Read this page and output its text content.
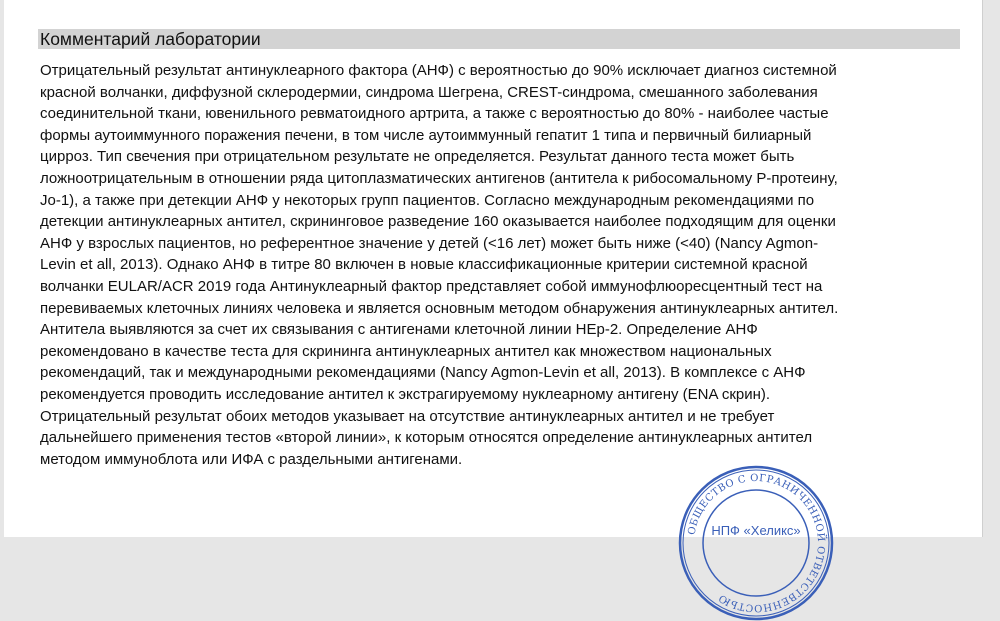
Комментарий лаборатории
Отрицательный результат антинуклеарного фактора (АНФ) с вероятностью до 90% исключает диагноз системной
красной волчанки, диффузной склеродермии, синдрома Шегрена, CREST-синдрома, смешанного заболевания
соединительной ткани, ювенильного ревматоидного артрита, а также с вероятностью до 80% - наиболее частые
формы аутоиммунного поражения печени, в том числе аутоиммунный гепатит 1 типа и первичный билиарный
цирроз. Тип свечения при отрицательном результате не определяется. Результат данного теста может быть
ложноотрицательным в отношении ряда цитоплазматических антигенов (антитела к рибосомальному Р-протеину,
Jo-1), а также при детекции АНФ у некоторых групп пациентов. Согласно международным рекомендациями по
детекции антинуклеарных антител, скрининговое разведение 160 оказывается наиболее подходящим для оценки
АНФ у взрослых пациентов, но референтное значение у детей (<16 лет) может быть ниже (<40) (Nancy Agmon-
Levin et all, 2013). Однако АНФ в титре 80 включен в новые классификационные критерии системной красной
волчанки EULAR/ACR 2019 года Антинуклеарный фактор представляет собой иммунофлюоресцентный тест на
перевиваемых клеточных линиях человека и является основным методом обнаружения антинуклеарных антител.
Антитела выявляются за счет их связывания с антигенами клеточной линии НЕр-2. Определение АНФ
рекомендовано в качестве теста для скрининга антинуклеарных антител как множеством национальных
рекомендаций, так и международными рекомендациями (Nancy Agmon-Levin et all, 2013). В комплексе с АНФ
рекомендуется проводить исследование антител к экстрагируемому нуклеарному антигену (ENA скрин).
Отрицательный результат обоих методов указывает на отсутствие антинуклеарных антител и не требует
дальнейшего применения тестов «второй линии», к которым относятся определение антинуклеарных антител
методом иммуноблота или ИФА с раздельными антигенами.
ОБЩЕСТВО С ОГРАНИЧЕННОЙ ОТВЕТСТВЕННОСТЬЮ
НПФ «Хеликс»
